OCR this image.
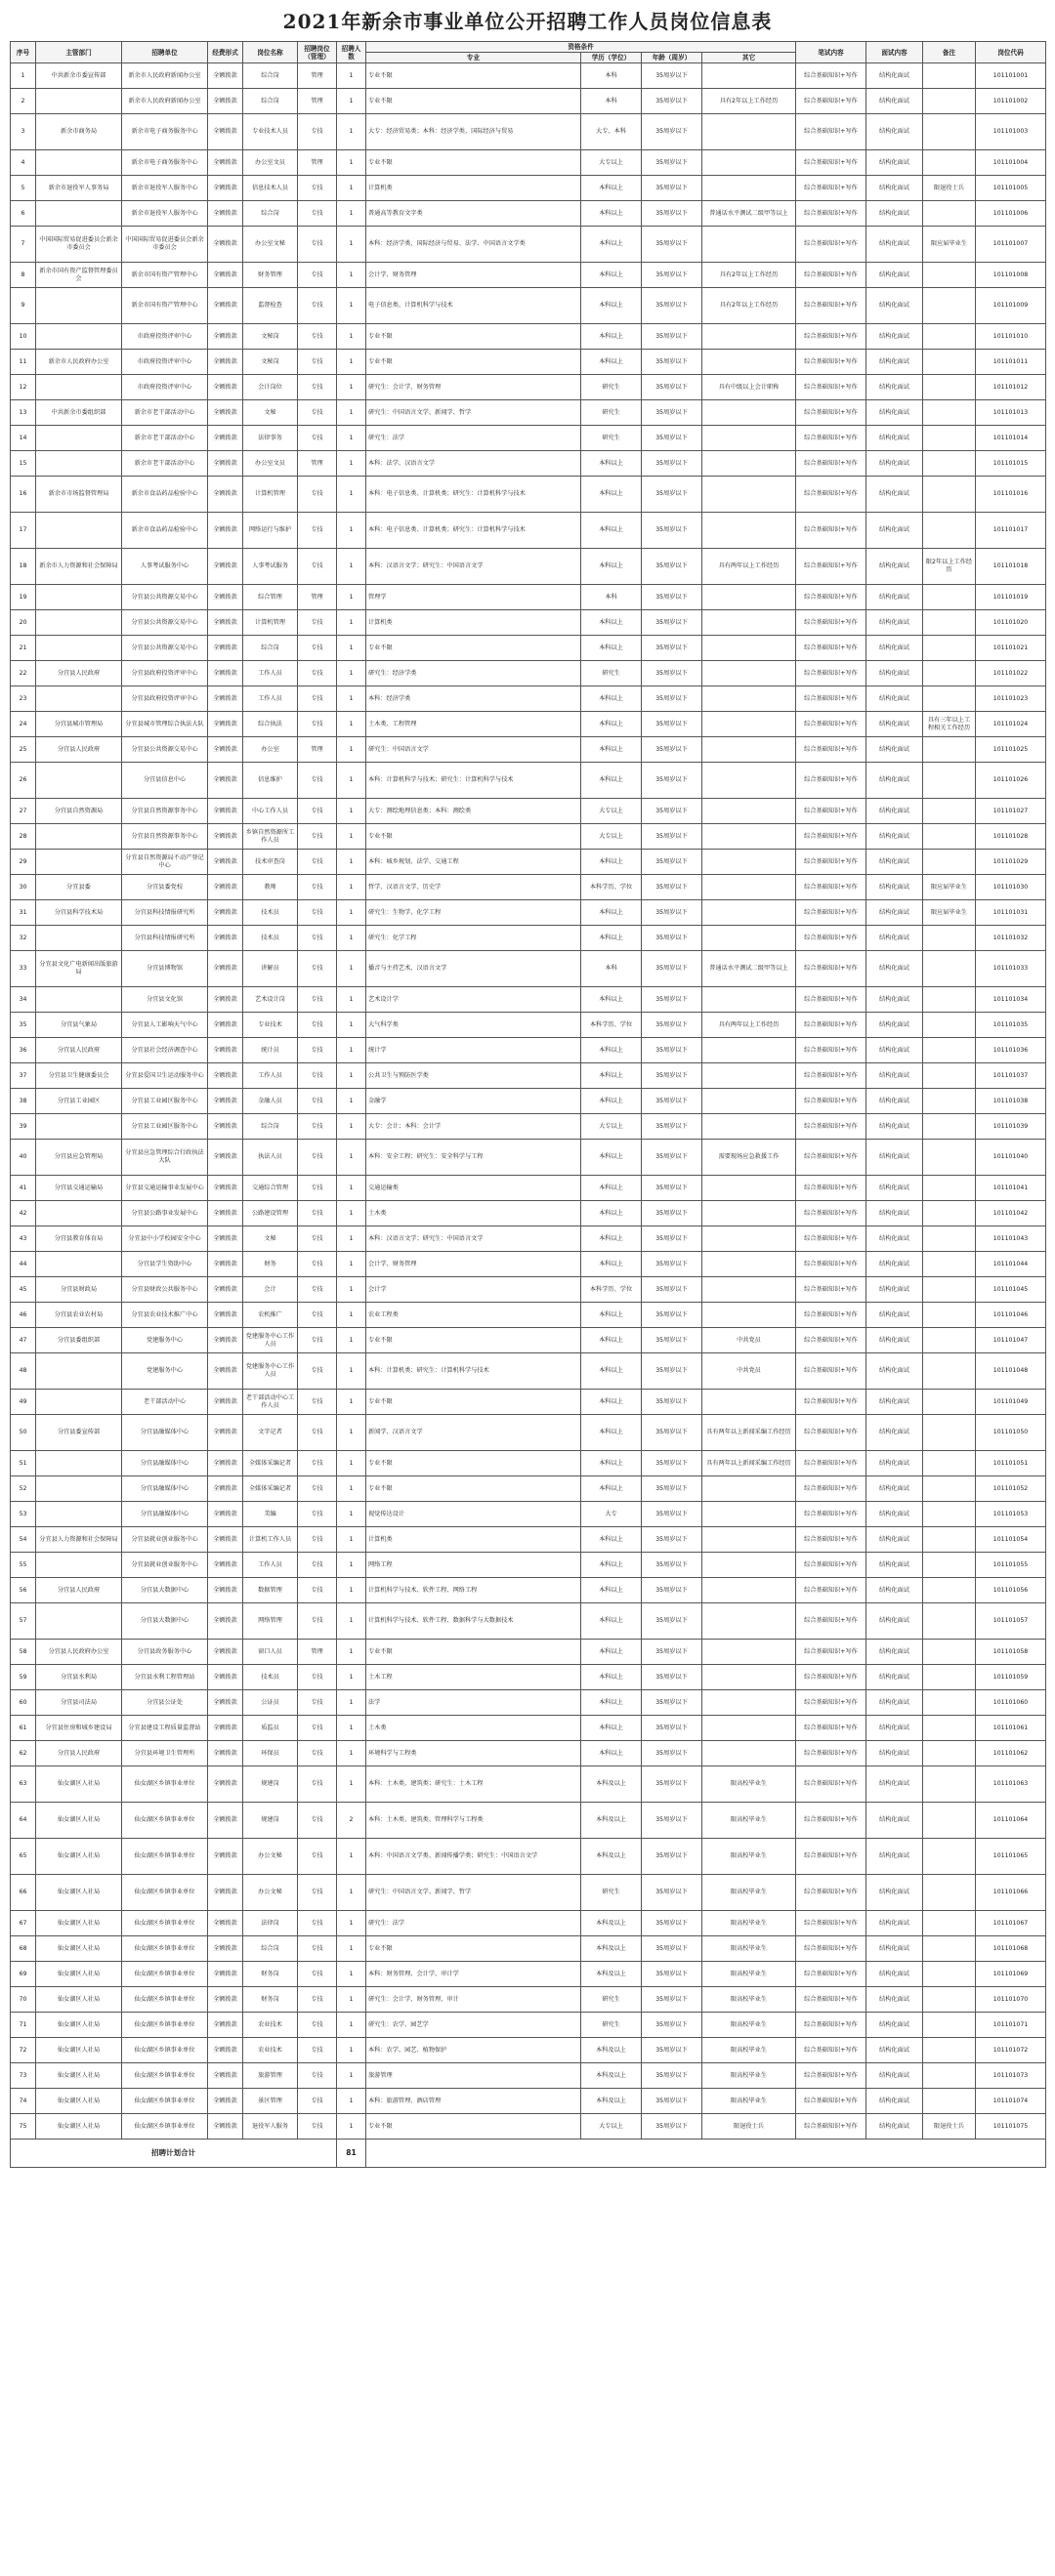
2021年新余市事业单位公开招聘工作人员岗位信息表
序号	主管部门	招聘单位	经费形式	岗位名称	招聘岗位（管理）	招聘人数	资格条件				笔试内容	面试内容	备注	岗位代码
							专业	学历（学位）	年龄（周岁）	其它				
1	中共新余市委宣传部	新余市人民政府新闻办公室	全额拨款	综合岗	管理	1	专业不限	本科	35周岁以下		综合基础知识+写作	结构化面试		101101001
2		新余市人民政府新闻办公室	全额拨款	综合岗	管理	1	专业不限	本科	35周岁以下	具有2年以上工作经历	综合基础知识+写作	结构化面试		101101002
3	新余市商务局	新余市电子商务服务中心	全额拨款	专业技术人员	专技	1	大专：经济贸易类；本科：经济学类、国际经济与贸易	大专、本科	35周岁以下		综合基础知识+写作	结构化面试		101101003
4		新余市电子商务服务中心	全额拨款	办公室文员	管理	1	专业不限	大专以上	35周岁以下		综合基础知识+写作	结构化面试		101101004
5	新余市退役军人事务局	新余市退役军人服务中心	全额拨款	信息技术人员	专技	1	计算机类	本科以上	35周岁以下		综合基础知识+写作	结构化面试	限退役士兵	101101005
6		新余市退役军人服务中心	全额拨款	综合岗	专技	1	普通高等教育文字类	本科以上	35周岁以下	普通话水平测试二级甲等以上	综合基础知识+写作	结构化面试		101101006
7	中国国际贸易促进委员会新余市委员会	中国国际贸易促进委员会新余市委员会	全额拨款	办公室文秘	专技	1	本科：经济学类、国际经济与贸易、法学、中国语言文学类	本科以上	35周岁以下		综合基础知识+写作	结构化面试	限应届毕业生	101101007
8	新余市国有资产监督管理委员会	新余市国有资产管理中心	全额拨款	财务管理	专技	1	会计学、财务管理	本科以上	35周岁以下	具有2年以上工作经历	综合基础知识+写作	结构化面试		101101008
9		新余市国有资产管理中心	全额拨款	监督检查	专技	1	电子信息类、计算机科学与技术	本科以上	35周岁以下	具有2年以上工作经历	综合基础知识+写作	结构化面试		101101009
10		市政府投资评审中心	全额拨款	文秘岗	专技	1	专业不限	本科以上	35周岁以下		综合基础知识+写作	结构化面试		101101010
11	新余市人民政府办公室	市政府投资评审中心	全额拨款	文秘岗	专技	1	专业不限	本科以上	35周岁以下		综合基础知识+写作	结构化面试		101101011
12		市政府投资评审中心	全额拨款	会计岗位	专技	1	研究生：会计学、财务管理	研究生	35周岁以下	具有中级以上会计职称	综合基础知识+写作	结构化面试		101101012
13	中共新余市委组织部	新余市老干部活动中心	全额拨款	文秘	专技	1	研究生：中国语言文学、新闻学、哲学	研究生	35周岁以下		综合基础知识+写作	结构化面试		101101013
14		新余市老干部活动中心	全额拨款	法律事务	专技	1	研究生：法学	研究生	35周岁以下		综合基础知识+写作	结构化面试		101101014
15		新余市老干部活动中心	全额拨款	办公室文员	管理	1	本科：法学、汉语言文学	本科以上	35周岁以下		综合基础知识+写作	结构化面试		101101015
16	新余市市场监督管理局	新余市食品药品检验中心	全额拨款	计算机管理	专技	1	本科：电子信息类、计算机类；研究生：计算机科学与技术	本科以上	35周岁以下		综合基础知识+写作	结构化面试		101101016
17		新余市食品药品检验中心	全额拨款	网络运行与维护	专技	1	本科：电子信息类、计算机类；研究生：计算机科学与技术	本科以上	35周岁以下		综合基础知识+写作	结构化面试		101101017
18	新余市人力资源和社会保障局	人事考试服务中心	全额拨款	人事考试服务	专技	1	本科：汉语言文学；研究生：中国语言文学	本科以上	35周岁以下	具有两年以上工作经历	综合基础知识+写作	结构化面试	限2年以上工作经历	101101018
19		分宜县公共资源交易中心	全额拨款	综合管理	管理	1	管理学	本科	35周岁以下		综合基础知识+写作	结构化面试		101101019
20		分宜县公共资源交易中心	全额拨款	计算机管理	专技	1	计算机类	本科以上	35周岁以下		综合基础知识+写作	结构化面试		101101020
21		分宜县公共资源交易中心	全额拨款	综合岗	专技	1	专业不限	本科以上	35周岁以下		综合基础知识+写作	结构化面试		101101021
22	分宜县人民政府	分宜县政府投资评审中心	全额拨款	工作人员	专技	1	研究生：经济学类	研究生	35周岁以下		综合基础知识+写作	结构化面试		101101022
23		分宜县政府投资评审中心	全额拨款	工作人员	专技	1	本科：经济学类	本科以上	35周岁以下		综合基础知识+写作	结构化面试		101101023
24	分宜县城市管理局	分宜县城市管理综合执法大队	全额拨款	综合执法	专技	1	土木类、工程管理	本科以上	35周岁以下		综合基础知识+写作	结构化面试	具有三年以上工程相关工作经历	101101024
25	分宜县人民政府	分宜县公共资源交易中心	全额拨款	办公室	管理	1	研究生：中国语言文学	本科以上	35周岁以下		综合基础知识+写作	结构化面试		101101025
26		分宜县信息中心	全额拨款	信息维护	专技	1	本科：计算机科学与技术；研究生：计算机科学与技术	本科以上	35周岁以下		综合基础知识+写作	结构化面试		101101026
27	分宜县自然资源局	分宜县自然资源事务中心	全额拨款	中心工作人员	专技	1	大专：测绘地理信息类；本科：测绘类	大专以上	35周岁以下		综合基础知识+写作	结构化面试		101101027
28		分宜县自然资源事务中心	全额拨款	乡镇自然资源所工作人员	专技	1	专业不限	大专以上	35周岁以下		综合基础知识+写作	结构化面试		101101028
29		分宜县自然资源局不动产登记中心	全额拨款	技术审查岗	专技	1	本科：城乡规划、法学、交通工程	本科以上	35周岁以下		综合基础知识+写作	结构化面试		101101029
30	分宜县委	分宜县委党校	全额拨款	教师	专技	1	哲学、汉语言文学、历史学	本科学历、学位	35周岁以下		综合基础知识+写作	结构化面试	限应届毕业生	101101030
31	分宜县科学技术局	分宜县科技情报研究所	全额拨款	技术员	专技	1	研究生：生物学、化学工程	本科以上	35周岁以下		综合基础知识+写作	结构化面试	限应届毕业生	101101031
32		分宜县科技情报研究所	全额拨款	技术员	专技	1	研究生：化学工程	本科以上	35周岁以下		综合基础知识+写作	结构化面试		101101032
33	分宜县文化广电新闻出版旅游局	分宜县博物馆	全额拨款	讲解员	专技	1	播音与主持艺术、汉语言文学	本科	35周岁以下	普通话水平测试二级甲等以上	综合基础知识+写作	结构化面试		101101033
34		分宜县文化馆	全额拨款	艺术设计岗	专技	1	艺术设计学	本科以上	35周岁以下		综合基础知识+写作	结构化面试		101101034
35	分宜县气象局	分宜县人工影响天气中心	全额拨款	专业技术	专技	1	大气科学类	本科学历、学位	35周岁以下	具有两年以上工作经历	综合基础知识+写作	结构化面试		101101035
36	分宜县人民政府	分宜县社会经济调查中心	全额拨款	统计员	专技	1	统计学	本科以上	35周岁以下		综合基础知识+写作	结构化面试		101101036
37	分宜县卫生健康委员会	分宜县爱国卫生运动服务中心	全额拨款	工作人员	专技	1	公共卫生与预防医学类	本科以上	35周岁以下		综合基础知识+写作	结构化面试		101101037
38	分宜县工业园区	分宜县工业园区服务中心	全额拨款	金融人员	专技	1	金融学	本科以上	35周岁以下		综合基础知识+写作	结构化面试		101101038
39		分宜县工业园区服务中心	全额拨款	综合岗	专技	1	大专：会计；本科：会计学	大专以上	35周岁以下		综合基础知识+写作	结构化面试		101101039
40	分宜县应急管理局	分宜县应急管理综合行政执法大队	全额拨款	执法人员	专技	1	本科：安全工程；研究生：安全科学与工程	本科以上	35周岁以下	需要现场应急救援工作	综合基础知识+写作	结构化面试		101101040
41	分宜县交通运输局	分宜县交通运输事业发展中心	全额拨款	交通综合管理	专技	1	交通运输类	本科以上	35周岁以下		综合基础知识+写作	结构化面试		101101041
42		分宜县公路事业发展中心	全额拨款	公路建设管理	专技	1	土木类	本科以上	35周岁以下		综合基础知识+写作	结构化面试		101101042
43	分宜县教育体育局	分宜县中小学校园安全中心	全额拨款	文秘	专技	1	本科：汉语言文学；研究生：中国语言文学	本科以上	35周岁以下		综合基础知识+写作	结构化面试		101101043
44		分宜县学生资助中心	全额拨款	财务	专技	1	会计学、财务管理	本科以上	35周岁以下		综合基础知识+写作	结构化面试		101101044
45	分宜县财政局	分宜县财政公共服务中心	全额拨款	会计	专技	1	会计学	本科学历、学位	35周岁以下		综合基础知识+写作	结构化面试		101101045
46	分宜县农业农村局	分宜县农业技术推广中心	全额拨款	农机推广	专技	1	农业工程类	本科以上	35周岁以下		综合基础知识+写作	结构化面试		101101046
47	分宜县委组织部	党建服务中心	全额拨款	党建服务中心工作人员	专技	1	专业不限	本科以上	35周岁以下	中共党员	综合基础知识+写作	结构化面试		101101047
48		党建服务中心	全额拨款	党建服务中心工作人员	专技	1	本科：计算机类；研究生：计算机科学与技术	本科以上	35周岁以下	中共党员	综合基础知识+写作	结构化面试		101101048
49		老干部活动中心	全额拨款	老干部活动中心工作人员	专技	1	专业不限	本科以上	35周岁以下		综合基础知识+写作	结构化面试		101101049
50	分宜县委宣传部	分宜县融媒体中心	全额拨款	文字记者	专技	1	新闻学、汉语言文学	本科以上	35周岁以下	具有两年以上新闻采编工作经历	综合基础知识+写作	结构化面试		101101050
51		分宜县融媒体中心	全额拨款	全媒体采编记者	专技	1	专业不限	本科以上	35周岁以下	具有两年以上新闻采编工作经历	综合基础知识+写作	结构化面试		101101051
52		分宜县融媒体中心	全额拨款	全媒体采编记者	专技	1	专业不限	本科以上	35周岁以下		综合基础知识+写作	结构化面试		101101052
53		分宜县融媒体中心	全额拨款	美编	专技	1	视觉传达设计	大专	35周岁以下		综合基础知识+写作	结构化面试		101101053
54	分宜县人力资源和社会保障局	分宜县就业创业服务中心	全额拨款	计算机工作人员	专技	1	计算机类	本科以上	35周岁以下		综合基础知识+写作	结构化面试		101101054
55		分宜县就业创业服务中心	全额拨款	工作人员	专技	1	网络工程	本科以上	35周岁以下		综合基础知识+写作	结构化面试		101101055
56	分宜县人民政府	分宜县大数据中心	全额拨款	数据管理	专技	1	计算机科学与技术、软件工程、网络工程	本科以上	35周岁以下		综合基础知识+写作	结构化面试		101101056
57		分宜县大数据中心	全额拨款	网络管理	专技	1	计算机科学与技术、软件工程、数据科学与大数据技术	本科以上	35周岁以下		综合基础知识+写作	结构化面试		101101057
58	分宜县人民政府办公室	分宜县政务服务中心	全额拨款	窗口人员	管理	1	专业不限	本科以上	35周岁以下		综合基础知识+写作	结构化面试		101101058
59	分宜县水利局	分宜县水利工程管理站	全额拨款	技术员	专技	1	土木工程	本科以上	35周岁以下		综合基础知识+写作	结构化面试		101101059
60	分宜县司法局	分宜县公证处	全额拨款	公证员	专技	1	法学	本科以上	35周岁以下		综合基础知识+写作	结构化面试		101101060
61	分宜县住房和城乡建设局	分宜县建设工程质量监督站	全额拨款	质监员	专技	1	土木类	本科以上	35周岁以下		综合基础知识+写作	结构化面试		101101061
62	分宜县人民政府	分宜县环境卫生管理所	全额拨款	环保员	专技	1	环境科学与工程类	本科以上	35周岁以下		综合基础知识+写作	结构化面试		101101062
63	仙女湖区人社局	仙女湖区乡镇事业单位	全额拨款	规建岗	专技	1	本科：土木类、建筑类；研究生：土木工程	本科及以上	35周岁以下	限高校毕业生	综合基础知识+写作	结构化面试		101101063
64	仙女湖区人社局	仙女湖区乡镇事业单位	全额拨款	规建岗	专技	2	本科：土木类、建筑类、管理科学与工程类	本科及以上	35周岁以下	限高校毕业生	综合基础知识+写作	结构化面试		101101064
65	仙女湖区人社局	仙女湖区乡镇事业单位	全额拨款	办公文秘	专技	1	本科：中国语言文学类、新闻传播学类；研究生：中国语言文学	本科及以上	35周岁以下	限高校毕业生	综合基础知识+写作	结构化面试		101101065
66	仙女湖区人社局	仙女湖区乡镇事业单位	全额拨款	办公文秘	专技	1	研究生：中国语言文学、新闻学、哲学	研究生	35周岁以下	限高校毕业生	综合基础知识+写作	结构化面试		101101066
67	仙女湖区人社局	仙女湖区乡镇事业单位	全额拨款	法律岗	专技	1	研究生：法学	本科及以上	35周岁以下	限高校毕业生	综合基础知识+写作	结构化面试		101101067
68	仙女湖区人社局	仙女湖区乡镇事业单位	全额拨款	综合岗	专技	1	专业不限	本科及以上	35周岁以下	限高校毕业生	综合基础知识+写作	结构化面试		101101068
69	仙女湖区人社局	仙女湖区乡镇事业单位	全额拨款	财务岗	专技	1	本科：财务管理、会计学、审计学	本科及以上	35周岁以下	限高校毕业生	综合基础知识+写作	结构化面试		101101069
70	仙女湖区人社局	仙女湖区乡镇事业单位	全额拨款	财务岗	专技	1	研究生：会计学、财务管理、审计	研究生	35周岁以下	限高校毕业生	综合基础知识+写作	结构化面试		101101070
71	仙女湖区人社局	仙女湖区乡镇事业单位	全额拨款	农业技术	专技	1	研究生：农学、园艺学	研究生	35周岁以下	限高校毕业生	综合基础知识+写作	结构化面试		101101071
72	仙女湖区人社局	仙女湖区乡镇事业单位	全额拨款	农业技术	专技	1	本科：农学、园艺、植物保护	本科及以上	35周岁以下	限高校毕业生	综合基础知识+写作	结构化面试		101101072
73	仙女湖区人社局	仙女湖区乡镇事业单位	全额拨款	旅游管理	专技	1	旅游管理	本科及以上	35周岁以下	限高校毕业生	综合基础知识+写作	结构化面试		101101073
74	仙女湖区人社局	仙女湖区乡镇事业单位	全额拨款	景区管理	专技	1	本科：旅游管理、酒店管理	本科及以上	35周岁以下	限高校毕业生	综合基础知识+写作	结构化面试		101101074
75	仙女湖区人社局	仙女湖区乡镇事业单位	全额拨款	退役军人服务	专技	1	专业不限	大专以上	35周岁以下	限退役士兵	综合基础知识+写作	结构化面试	限退役士兵	101101075
招聘计划合计						81								
